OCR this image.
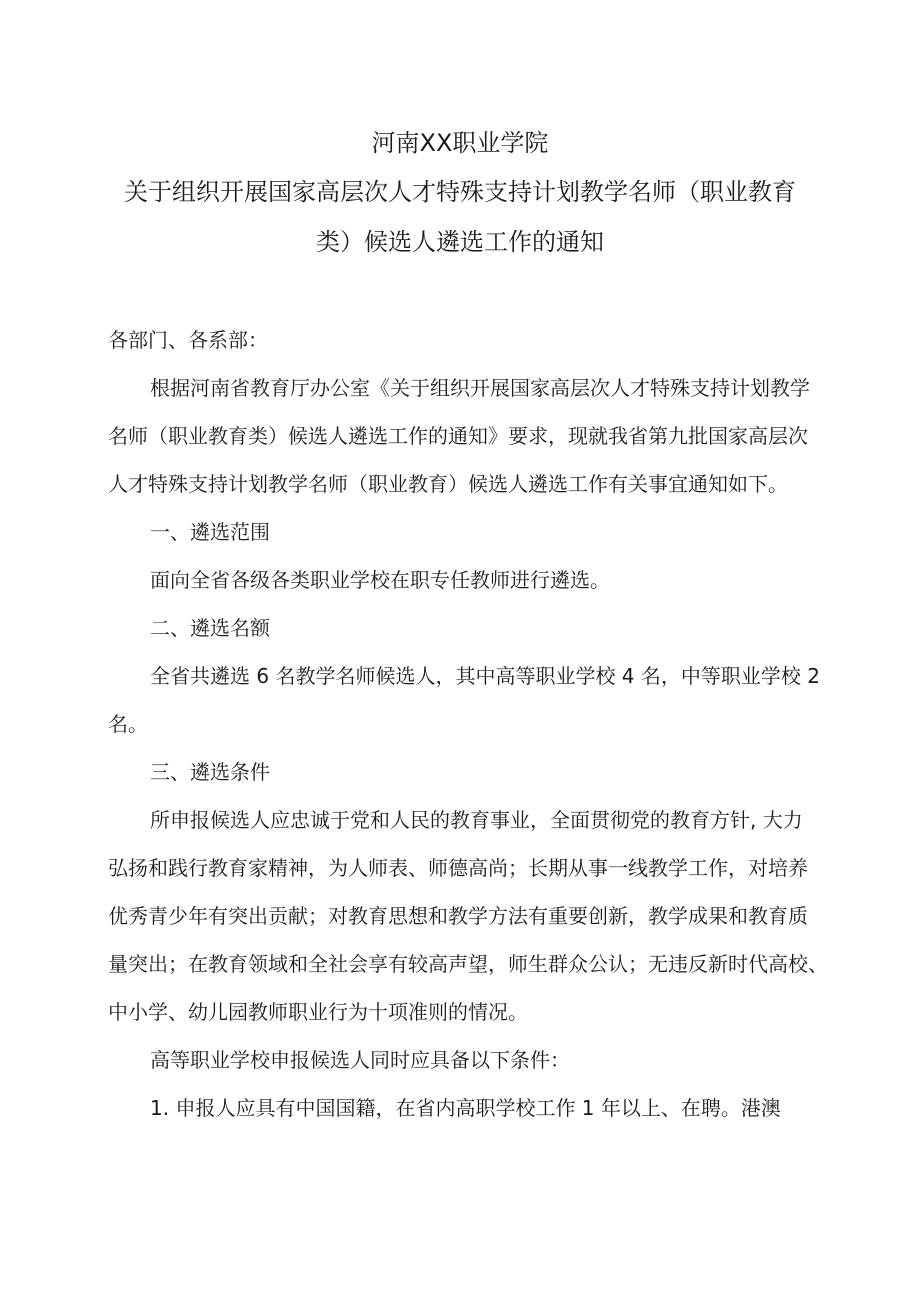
河南XX职业学院
关于组织开展国家高层次人才特殊支持计划教学名师（职业教育
类）候选人遴选工作的通知
各部门、各系部：
根据河南省教育厅办公室《关于组织开展国家高层次人才特殊支持计划教学
名师（职业教育类）候选人遴选工作的通知》要求，现就我省第九批国家高层次
人才特殊支持计划教学名师（职业教育）候选人遴选工作有关事宜通知如下。
一、遴选范围
面向全省各级各类职业学校在职专任教师进行遴选。
二、遴选名额
全省共遴选 6 名教学名师候选人，其中高等职业学校 4 名，中等职业学校 2
名。
三、遴选条件
所申报候选人应忠诚于党和人民的教育事业，全面贯彻党的教育方针, 大力
弘扬和践行教育家精神，为人师表、师德高尚；长期从事一线教学工作，对培养
优秀青少年有突出贡献；对教育思想和教学方法有重要创新，教学成果和教育质
量突出；在教育领域和全社会享有较高声望，师生群众公认；无违反新时代高校、
中小学、幼儿园教师职业行为十项准则的情况。
高等职业学校申报候选人同时应具备以下条件：
1. 申报人应具有中国国籍，在省内高职学校工作 1 年以上、在聘。港澳
